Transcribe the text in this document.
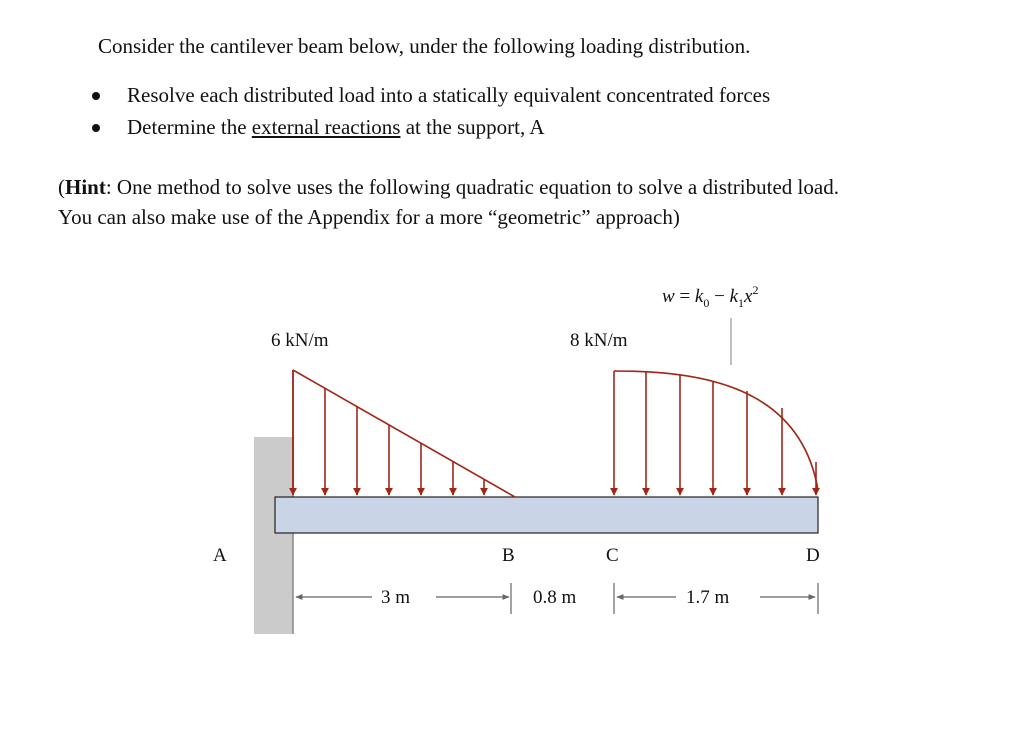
Consider the cantilever beam below, under the following loading distribution.
Resolve each distributed load into a statically equivalent concentrated forces
Determine the external reactions at the support, A
(Hint: One method to solve uses the following quadratic equation to solve a distributed load.
You can also make use of the Appendix for a more “geometric” approach)
$w = k_0 - k_1x^2$
6 kN/m	8 kN/m
A	B	C	D
3 m	0.8 m	1.7 m
